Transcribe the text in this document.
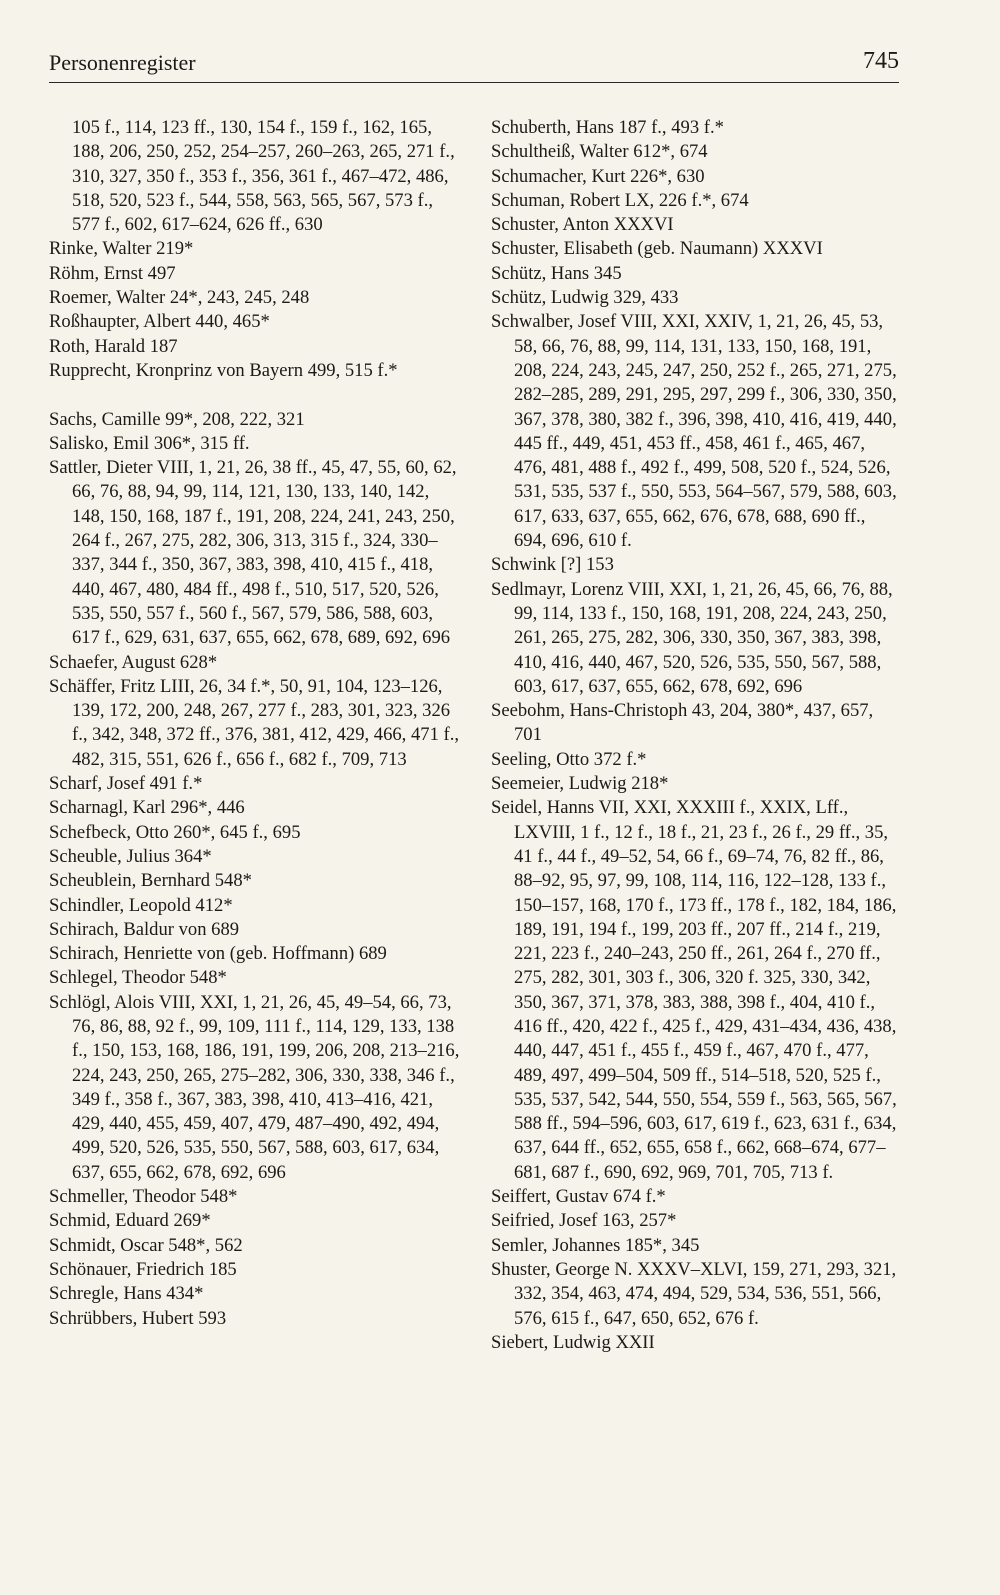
Personenregister	745
105 f., 114, 123 ff., 130, 154 f., 159 f., 162, 165, 188, 206, 250, 252, 254–257, 260–263, 265, 271 f., 310, 327, 350 f., 353 f., 356, 361 f., 467–472, 486, 518, 520, 523 f., 544, 558, 563, 565, 567, 573 f., 577 f., 602, 617–624, 626 ff., 630
Rinke, Walter 219*
Röhm, Ernst 497
Roemer, Walter 24*, 243, 245, 248
Roßhaupter, Albert 440, 465*
Roth, Harald 187
Rupprecht, Kronprinz von Bayern 499, 515 f.*
Sachs, Camille 99*, 208, 222, 321
Salisko, Emil 306*, 315 ff.
Sattler, Dieter VIII, 1, 21, 26, 38 ff., 45, 47, 55, 60, 62, 66, 76, 88, 94, 99, 114, 121, 130, 133, 140, 142, 148, 150, 168, 187 f., 191, 208, 224, 241, 243, 250, 264 f., 267, 275, 282, 306, 313, 315 f., 324, 330–337, 344 f., 350, 367, 383, 398, 410, 415 f., 418, 440, 467, 480, 484 ff., 498 f., 510, 517, 520, 526, 535, 550, 557 f., 560 f., 567, 579, 586, 588, 603, 617 f., 629, 631, 637, 655, 662, 678, 689, 692, 696
Schaefer, August 628*
Schäffer, Fritz LIII, 26, 34 f.*, 50, 91, 104, 123–126, 139, 172, 200, 248, 267, 277 f., 283, 301, 323, 326 f., 342, 348, 372 ff., 376, 381, 412, 429, 466, 471 f., 482, 315, 551, 626 f., 656 f., 682 f., 709, 713
Scharf, Josef 491 f.*
Scharnagl, Karl 296*, 446
Schefbeck, Otto 260*, 645 f., 695
Scheuble, Julius 364*
Scheublein, Bernhard 548*
Schindler, Leopold 412*
Schirach, Baldur von 689
Schirach, Henriette von (geb. Hoffmann) 689
Schlegel, Theodor 548*
Schlögl, Alois VIII, XXI, 1, 21, 26, 45, 49–54, 66, 73, 76, 86, 88, 92 f., 99, 109, 111 f., 114, 129, 133, 138 f., 150, 153, 168, 186, 191, 199, 206, 208, 213–216, 224, 243, 250, 265, 275–282, 306, 330, 338, 346 f., 349 f., 358 f., 367, 383, 398, 410, 413–416, 421, 429, 440, 455, 459, 407, 479, 487–490, 492, 494, 499, 520, 526, 535, 550, 567, 588, 603, 617, 634, 637, 655, 662, 678, 692, 696
Schmeller, Theodor 548*
Schmid, Eduard 269*
Schmidt, Oscar 548*, 562
Schönauer, Friedrich 185
Schregle, Hans 434*
Schrübbers, Hubert 593
Schuberth, Hans 187 f., 493 f.*
Schultheiß, Walter 612*, 674
Schumacher, Kurt 226*, 630
Schuman, Robert LX, 226 f.*, 674
Schuster, Anton XXXVI
Schuster, Elisabeth (geb. Naumann) XXXVI
Schütz, Hans 345
Schütz, Ludwig 329, 433
Schwalber, Josef VIII, XXI, XXIV, 1, 21, 26, 45, 53, 58, 66, 76, 88, 99, 114, 131, 133, 150, 168, 191, 208, 224, 243, 245, 247, 250, 252 f., 265, 271, 275, 282–285, 289, 291, 295, 297, 299 f., 306, 330, 350, 367, 378, 380, 382 f., 396, 398, 410, 416, 419, 440, 445 ff., 449, 451, 453 ff., 458, 461 f., 465, 467, 476, 481, 488 f., 492 f., 499, 508, 520 f., 524, 526, 531, 535, 537 f., 550, 553, 564–567, 579, 588, 603, 617, 633, 637, 655, 662, 676, 678, 688, 690 ff., 694, 696, 610 f.
Schwink [?] 153
Sedlmayr, Lorenz VIII, XXI, 1, 21, 26, 45, 66, 76, 88, 99, 114, 133 f., 150, 168, 191, 208, 224, 243, 250, 261, 265, 275, 282, 306, 330, 350, 367, 383, 398, 410, 416, 440, 467, 520, 526, 535, 550, 567, 588, 603, 617, 637, 655, 662, 678, 692, 696
Seebohm, Hans-Christoph 43, 204, 380*, 437, 657, 701
Seeling, Otto 372 f.*
Seemeier, Ludwig 218*
Seidel, Hanns VII, XXI, XXXIII f., XXIX, Lff., LXVIII, 1 f., 12 f., 18 f., 21, 23 f., 26 f., 29 ff., 35, 41 f., 44 f., 49–52, 54, 66 f., 69–74, 76, 82 ff., 86, 88–92, 95, 97, 99, 108, 114, 116, 122–128, 133 f., 150–157, 168, 170 f., 173 ff., 178 f., 182, 184, 186, 189, 191, 194 f., 199, 203 ff., 207 ff., 214 f., 219, 221, 223 f., 240–243, 250 ff., 261, 264 f., 270 ff., 275, 282, 301, 303 f., 306, 320 f. 325, 330, 342, 350, 367, 371, 378, 383, 388, 398 f., 404, 410 f., 416 ff., 420, 422 f., 425 f., 429, 431–434, 436, 438, 440, 447, 451 f., 455 f., 459 f., 467, 470 f., 477, 489, 497, 499–504, 509 ff., 514–518, 520, 525 f., 535, 537, 542, 544, 550, 554, 559 f., 563, 565, 567, 588 ff., 594–596, 603, 617, 619 f., 623, 631 f., 634, 637, 644 ff., 652, 655, 658 f., 662, 668–674, 677–681, 687 f., 690, 692, 969, 701, 705, 713 f.
Seiffert, Gustav 674 f.*
Seifried, Josef 163, 257*
Semler, Johannes 185*, 345
Shuster, George N. XXXV–XLVI, 159, 271, 293, 321, 332, 354, 463, 474, 494, 529, 534, 536, 551, 566, 576, 615 f., 647, 650, 652, 676 f.
Siebert, Ludwig XXII
